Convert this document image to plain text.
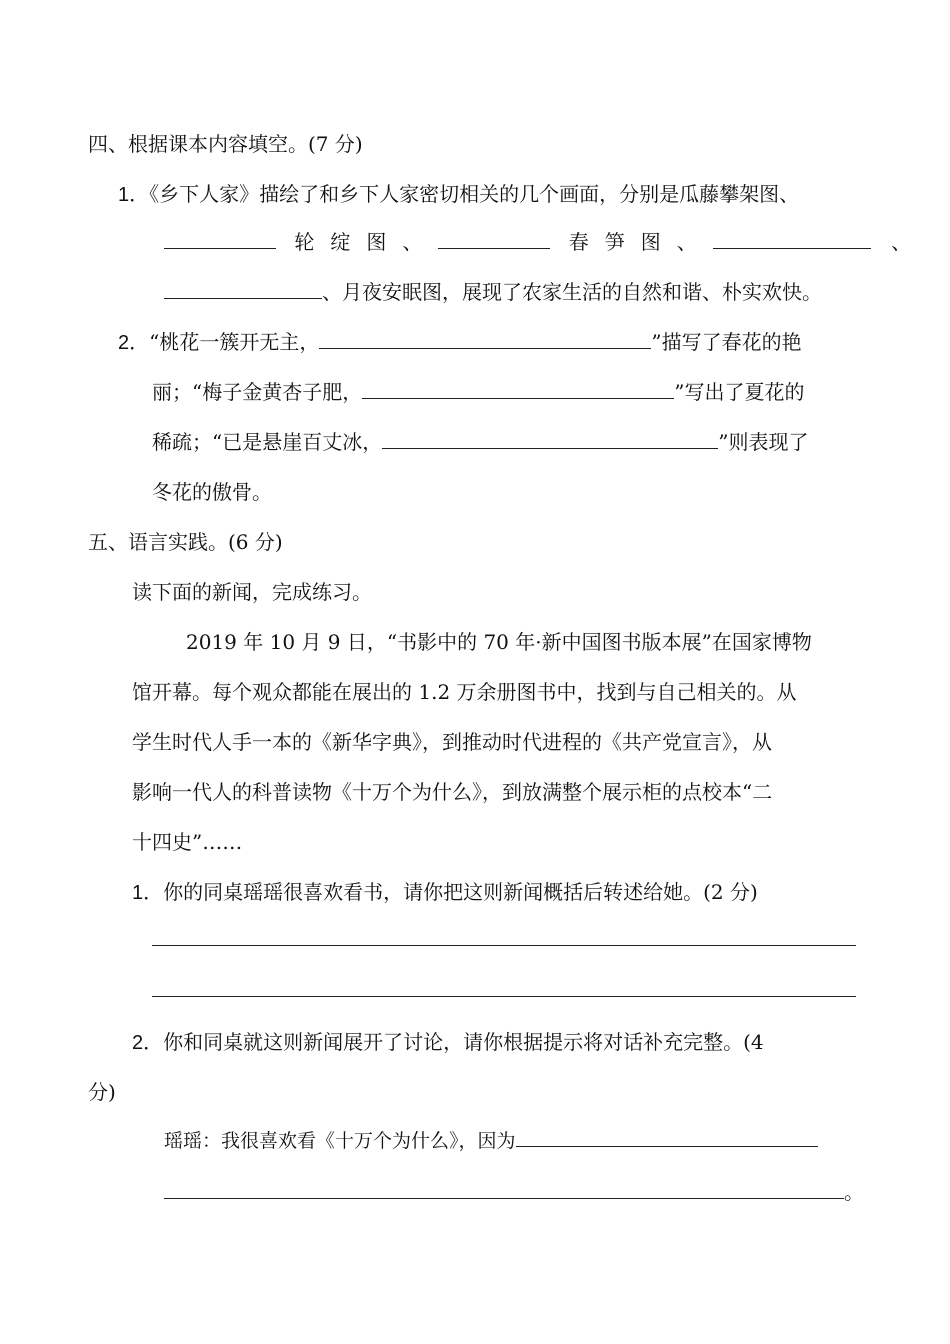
四、根据课本内容填空。(7 分)
1．《乡下人家》描绘了和乡下人家密切相关的几个画面，分别是瓜藤攀架图、
轮绽图、	春笋图、	、
、月夜安眠图，展现了农家生活的自然和谐、朴实欢快。
2．“桃花一簇开无主，	”描写了春花的艳
丽；“梅子金黄杏子肥，	”写出了夏花的
稀疏；“已是悬崖百丈冰，	”则表现了
冬花的傲骨。
五、语言实践。(6 分)
读下面的新闻，完成练习。
2019 年 10 月 9 日，“书影中的 70 年·新中国图书版本展”在国家博物
馆开幕。每个观众都能在展出的 1.2 万余册图书中，找到与自己相关的。从
学生时代人手一本的《新华字典》，到推动时代进程的《共产党宣言》，从
影响一代人的科普读物《十万个为什么》，到放满整个展示柜的点校本“二
十四史”……
1．你的同桌瑶瑶很喜欢看书，请你把这则新闻概括后转述给她。(2 分)
2．你和同桌就这则新闻展开了讨论，请你根据提示将对话补充完整。(4
分)
瑶瑶：我很喜欢看《十万个为什么》，因为
。
